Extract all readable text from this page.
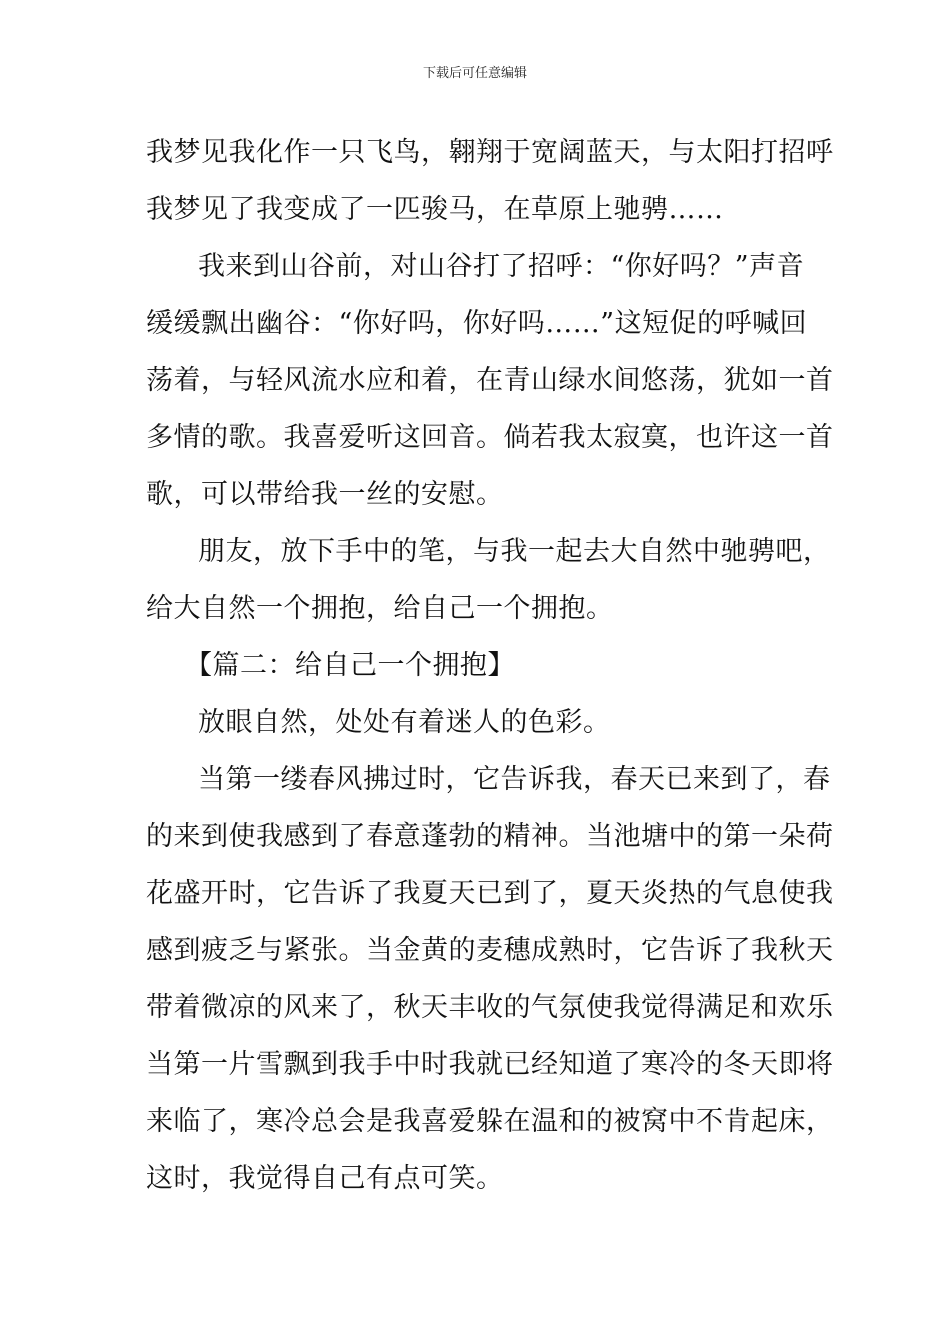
下载后可任意编辑
我梦见我化作一只飞鸟，翱翔于宽阔蓝天，与太阳打招呼
我梦见了我变成了一匹骏马，在草原上驰骋……
我来到山谷前，对山谷打了招呼：“你好吗？”声音
缓缓飘出幽谷：“你好吗，你好吗……”这短促的呼喊回
荡着，与轻风流水应和着，在青山绿水间悠荡，犹如一首
多情的歌。我喜爱听这回音。倘若我太寂寞，也许这一首
歌，可以带给我一丝的安慰。
朋友，放下手中的笔，与我一起去大自然中驰骋吧，
给大自然一个拥抱，给自己一个拥抱。
【篇二：给自己一个拥抱】
放眼自然，处处有着迷人的色彩。
当第一缕春风拂过时，它告诉我，春天已来到了，春
的来到使我感到了春意蓬勃的精神。当池塘中的第一朵荷
花盛开时，它告诉了我夏天已到了，夏天炎热的气息使我
感到疲乏与紧张。当金黄的麦穗成熟时，它告诉了我秋天
带着微凉的风来了，秋天丰收的气氛使我觉得满足和欢乐
当第一片雪飘到我手中时我就已经知道了寒冷的冬天即将
来临了，寒冷总会是我喜爱躲在温和的被窝中不肯起床，
这时，我觉得自己有点可笑。
